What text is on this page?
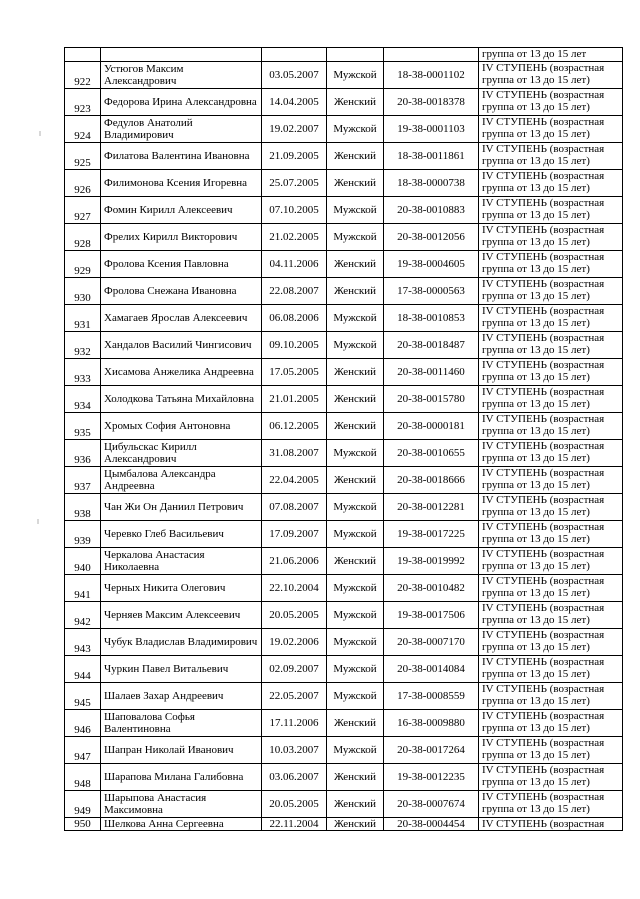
					группа от 13 до 15 лет
922	Устюгов Максим Александрович	03.05.2007	Мужской	18-38-0001102	IV СТУПЕНЬ (возрастная группа от 13 до 15 лет)
923	Федорова Ирина Александровна	14.04.2005	Женский	20-38-0018378	IV СТУПЕНЬ (возрастная группа от 13 до 15 лет)
924	Федулов Анатолий Владимирович	19.02.2007	Мужской	19-38-0001103	IV СТУПЕНЬ (возрастная группа от 13 до 15 лет)
925	Филатова Валентина Ивановна	21.09.2005	Женский	18-38-0011861	IV СТУПЕНЬ (возрастная группа от 13 до 15 лет)
926	Филимонова Ксения Игоревна	25.07.2005	Женский	18-38-0000738	IV СТУПЕНЬ (возрастная группа от 13 до 15 лет)
927	Фомин Кирилл Алексеевич	07.10.2005	Мужской	20-38-0010883	IV СТУПЕНЬ (возрастная группа от 13 до 15 лет)
928	Фрелих Кирилл Викторович	21.02.2005	Мужской	20-38-0012056	IV СТУПЕНЬ (возрастная группа от 13 до 15 лет)
929	Фролова Ксения Павловна	04.11.2006	Женский	19-38-0004605	IV СТУПЕНЬ (возрастная группа от 13 до 15 лет)
930	Фролова Снежана Ивановна	22.08.2007	Женский	17-38-0000563	IV СТУПЕНЬ (возрастная группа от 13 до 15 лет)
931	Хамагаев Ярослав Алексеевич	06.08.2006	Мужской	18-38-0010853	IV СТУПЕНЬ (возрастная группа от 13 до 15 лет)
932	Хандалов Василий Чингисович	09.10.2005	Мужской	20-38-0018487	IV СТУПЕНЬ (возрастная группа от 13 до 15 лет)
933	Хисамова Анжелика Андреевна	17.05.2005	Женский	20-38-0011460	IV СТУПЕНЬ (возрастная группа от 13 до 15 лет)
934	Холодкова Татьяна Михайловна	21.01.2005	Женский	20-38-0015780	IV СТУПЕНЬ (возрастная группа от 13 до 15 лет)
935	Хромых София Антоновна	06.12.2005	Женский	20-38-0000181	IV СТУПЕНЬ (возрастная группа от 13 до 15 лет)
936	Цибульскас Кирилл Александрович	31.08.2007	Мужской	20-38-0010655	IV СТУПЕНЬ (возрастная группа от 13 до 15 лет)
937	Цымбалова Александра Андреевна	22.04.2005	Женский	20-38-0018666	IV СТУПЕНЬ (возрастная группа от 13 до 15 лет)
938	Чан Жи Он Даниил Петрович	07.08.2007	Мужской	20-38-0012281	IV СТУПЕНЬ (возрастная группа от 13 до 15 лет)
939	Черевко Глеб Васильевич	17.09.2007	Мужской	19-38-0017225	IV СТУПЕНЬ (возрастная группа от 13 до 15 лет)
940	Черкалова Анастасия Николаевна	21.06.2006	Женский	19-38-0019992	IV СТУПЕНЬ (возрастная группа от 13 до 15 лет)
941	Черных Никита Олегович	22.10.2004	Мужской	20-38-0010482	IV СТУПЕНЬ (возрастная группа от 13 до 15 лет)
942	Черняев Максим Алексеевич	20.05.2005	Мужской	19-38-0017506	IV СТУПЕНЬ (возрастная группа от 13 до 15 лет)
943	Чубук Владислав Владимирович	19.02.2006	Мужской	20-38-0007170	IV СТУПЕНЬ (возрастная группа от 13 до 15 лет)
944	Чуркин Павел Витальевич	02.09.2007	Мужской	20-38-0014084	IV СТУПЕНЬ (возрастная группа от 13 до 15 лет)
945	Шалаев Захар Андреевич	22.05.2007	Мужской	17-38-0008559	IV СТУПЕНЬ (возрастная группа от 13 до 15 лет)
946	Шаповалова Софья Валентиновна	17.11.2006	Женский	16-38-0009880	IV СТУПЕНЬ (возрастная группа от 13 до 15 лет)
947	Шапран Николай Иванович	10.03.2007	Мужской	20-38-0017264	IV СТУПЕНЬ (возрастная группа от 13 до 15 лет)
948	Шарапова Милана Галибовна	03.06.2007	Женский	19-38-0012235	IV СТУПЕНЬ (возрастная группа от 13 до 15 лет)
949	Шарыпова Анастасия Максимовна	20.05.2005	Женский	20-38-0007674	IV СТУПЕНЬ (возрастная группа от 13 до 15 лет)
950	Шелкова Анна Сергеевна	22.11.2004	Женский	20-38-0004454	IV СТУПЕНЬ (возрастная
